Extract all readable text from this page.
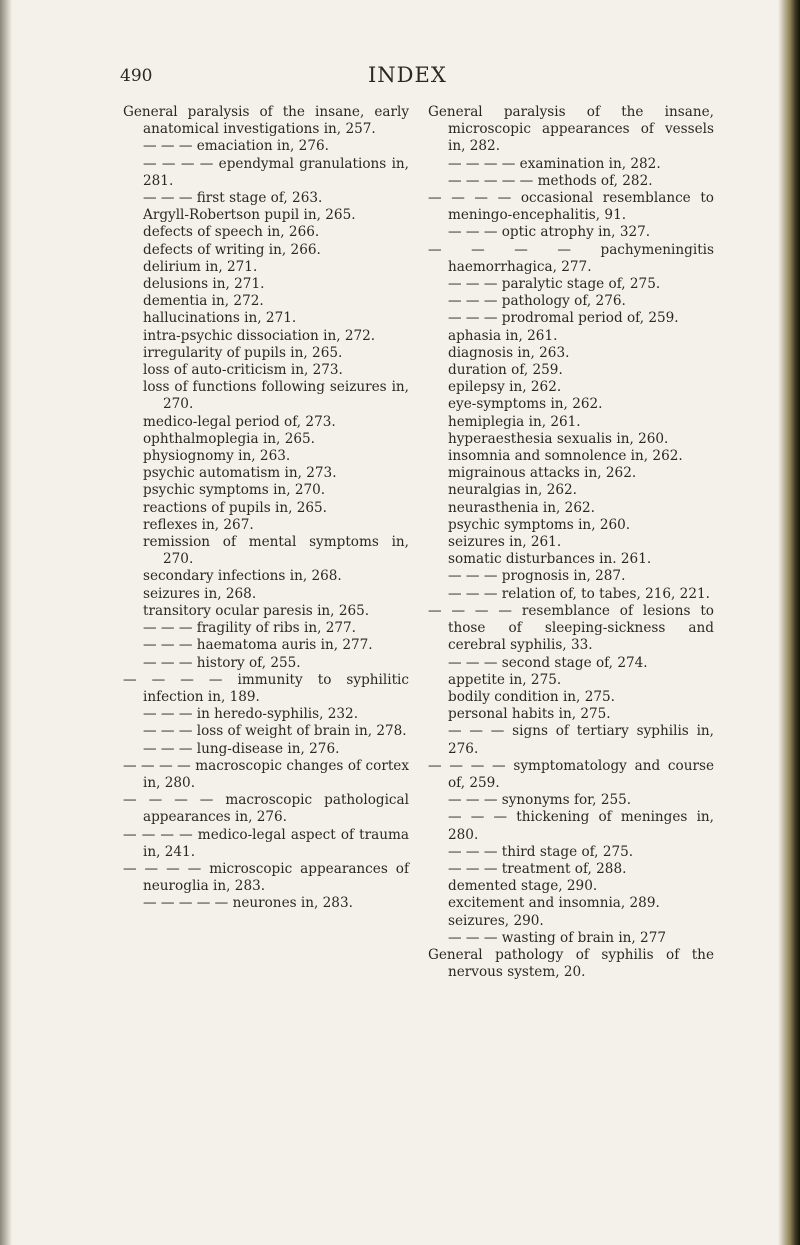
490	INDEX

General paralysis of the insane, early anatomical investigations in, 257.

— — — emaciation in, 276.

— — — — ependymal granulations in, 281.

— — — first stage of, 263.

Argyll-Robertson pupil in, 265.

defects of speech in, 266.

defects of writing in, 266.

delirium in, 271.

delusions in, 271.

dementia in, 272.

hallucinations in, 271.

intra-psychic dissociation in, 272.

irregularity of pupils in, 265.

loss of auto-criticism in, 273.

loss of functions following seizures in, 270.

medico-legal period of, 273.

ophthalmoplegia in, 265.

physiognomy in, 263.

psychic automatism in, 273.

psychic symptoms in, 270.

reactions of pupils in, 265.

reflexes in, 267.

remission of mental symptoms in, 270.

secondary infections in, 268.

seizures in, 268.

transitory ocular paresis in, 265.

— — — fragility of ribs in, 277.

— — — haematoma auris in, 277.

— — — history of, 255.

— — — — immunity to syphilitic infection in, 189.

— — — in heredo-syphilis, 232.

— — — loss of weight of brain in, 278.

— — — lung-disease in, 276.

— — — — macroscopic changes of cortex in, 280.

— — — — macroscopic pathological appearances in, 276.

— — — — medico-legal aspect of trauma in, 241.

— — — — microscopic appearances of neuroglia in, 283.

— — — — — neurones in, 283.

General paralysis of the insane, microscopic appearances of vessels in, 282.

— — — — examination in, 282.

— — — — — methods of, 282.

— — — — occasional resemblance to meningo-encephalitis, 91.

— — — optic atrophy in, 327.

— — — — pachymeningitis haemorrhagica, 277.

— — — paralytic stage of, 275.

— — — pathology of, 276.

— — — prodromal period of, 259.

aphasia in, 261.

diagnosis in, 263.

duration of, 259.

epilepsy in, 262.

eye-symptoms in, 262.

hemiplegia in, 261.

hyperaesthesia sexualis in, 260.

insomnia and somnolence in, 262.

migrainous attacks in, 262.

neuralgias in, 262.

neurasthenia in, 262.

psychic symptoms in, 260.

seizures in, 261.

somatic disturbances in. 261.

— — — prognosis in, 287.

— — — relation of, to tabes, 216, 221.

— — — — resemblance of lesions to those of sleeping-sickness and cerebral syphilis, 33.

— — — second stage of, 274.

appetite in, 275.

bodily condition in, 275.

personal habits in, 275.

— — — signs of tertiary syphilis in, 276.

— — — — symptomatology and course of, 259.

— — — synonyms for, 255.

— — — thickening of meninges in, 280.

— — — third stage of, 275.

— — — treatment of, 288.

demented stage, 290.

excitement and insomnia, 289.

seizures, 290.

— — — wasting of brain in, 277

General pathology of syphilis of the nervous system, 20.
